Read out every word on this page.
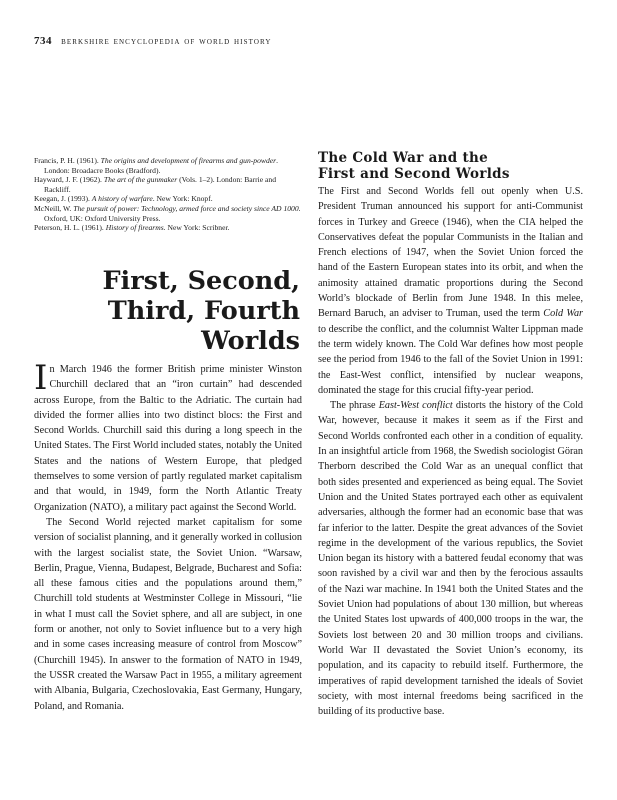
734 berkshire encyclopedia of world history

Francis, P. H. (1961). The origins and development of firearms and gun-powder. London: Broadacre Books (Bradford).

Hayward, J. F. (1962). The art of the gunmaker (Vols. 1–2). London: Barrie and Rackliff.

Keegan, J. (1993). A history of warfare. New York: Knopf.

McNeill, W. The pursuit of power: Technology, armed force and society since AD 1000. Oxford, UK: Oxford University Press.

Peterson, H. L. (1961). History of firearms. New York: Scribner.

First, Second,
Third, Fourth
Worlds

In March 1946 the former British prime minister Winston Churchill declared that an “iron curtain” had descended across Europe, from the Baltic to the Adriatic. The curtain had divided the former allies into two distinct blocs: the First and Second Worlds. Churchill said this during a long speech in the United States. The First World included states, notably the United States and the nations of Western Europe, that pledged themselves to some version of partly regulated market capitalism and that would, in 1949, form the North Atlantic Treaty Organization (NATO), a military pact against the Second World.

The Second World rejected market capitalism for some version of socialist planning, and it generally worked in collusion with the largest socialist state, the Soviet Union. “Warsaw, Berlin, Prague, Vienna, Budapest, Belgrade, Bucharest and Sofia: all these famous cities and the populations around them,” Churchill told students at Westminster College in Missouri, “lie in what I must call the Soviet sphere, and all are subject, in one form or another, not only to Soviet influence but to a very high and in some cases increasing measure of control from Moscow” (Churchill 1945). In answer to the formation of NATO in 1949, the USSR created the Warsaw Pact in 1955, a military agreement with Albania, Bulgaria, Czechoslovakia, East Germany, Hungary, Poland, and Romania.

The Cold War and the
First and Second Worlds

The First and Second Worlds fell out openly when U.S. President Truman announced his support for anti-Communist forces in Turkey and Greece (1946), when the CIA helped the Conservatives defeat the popular Communists in the Italian and French elections of 1947, when the Soviet Union forced the hand of the Eastern European states into its orbit, and when the animosity attained dramatic proportions during the Second World’s blockade of Berlin from June 1948. In this melee, Bernard Baruch, an adviser to Truman, used the term Cold War to describe the conflict, and the columnist Walter Lippman made the term widely known. The Cold War defines how most people see the period from 1946 to the fall of the Soviet Union in 1991: the East-West conflict, intensified by nuclear weapons, dominated the stage for this crucial fifty-year period.

The phrase East-West conflict distorts the history of the Cold War, however, because it makes it seem as if the First and Second Worlds confronted each other in a condition of equality. In an insightful article from 1968, the Swedish sociologist Göran Therborn described the Cold War as an unequal conflict that both sides presented and experienced as being equal. The Soviet Union and the United States portrayed each other as equivalent adversaries, although the former had an economic base that was far inferior to the latter. Despite the great advances of the Soviet regime in the development of the various republics, the Soviet Union began its history with a battered feudal economy that was soon ravished by a civil war and then by the ferocious assaults of the Nazi war machine. In 1941 both the United States and the Soviet Union had populations of about 130 million, but whereas the United States lost upwards of 400,000 troops in the war, the Soviets lost between 20 and 30 million troops and civilians. World War II devastated the Soviet Union’s economy, its population, and its capacity to rebuild itself. Furthermore, the imperatives of rapid development tarnished the ideals of Soviet society, with most internal freedoms being sacrificed in the building of its productive base.
